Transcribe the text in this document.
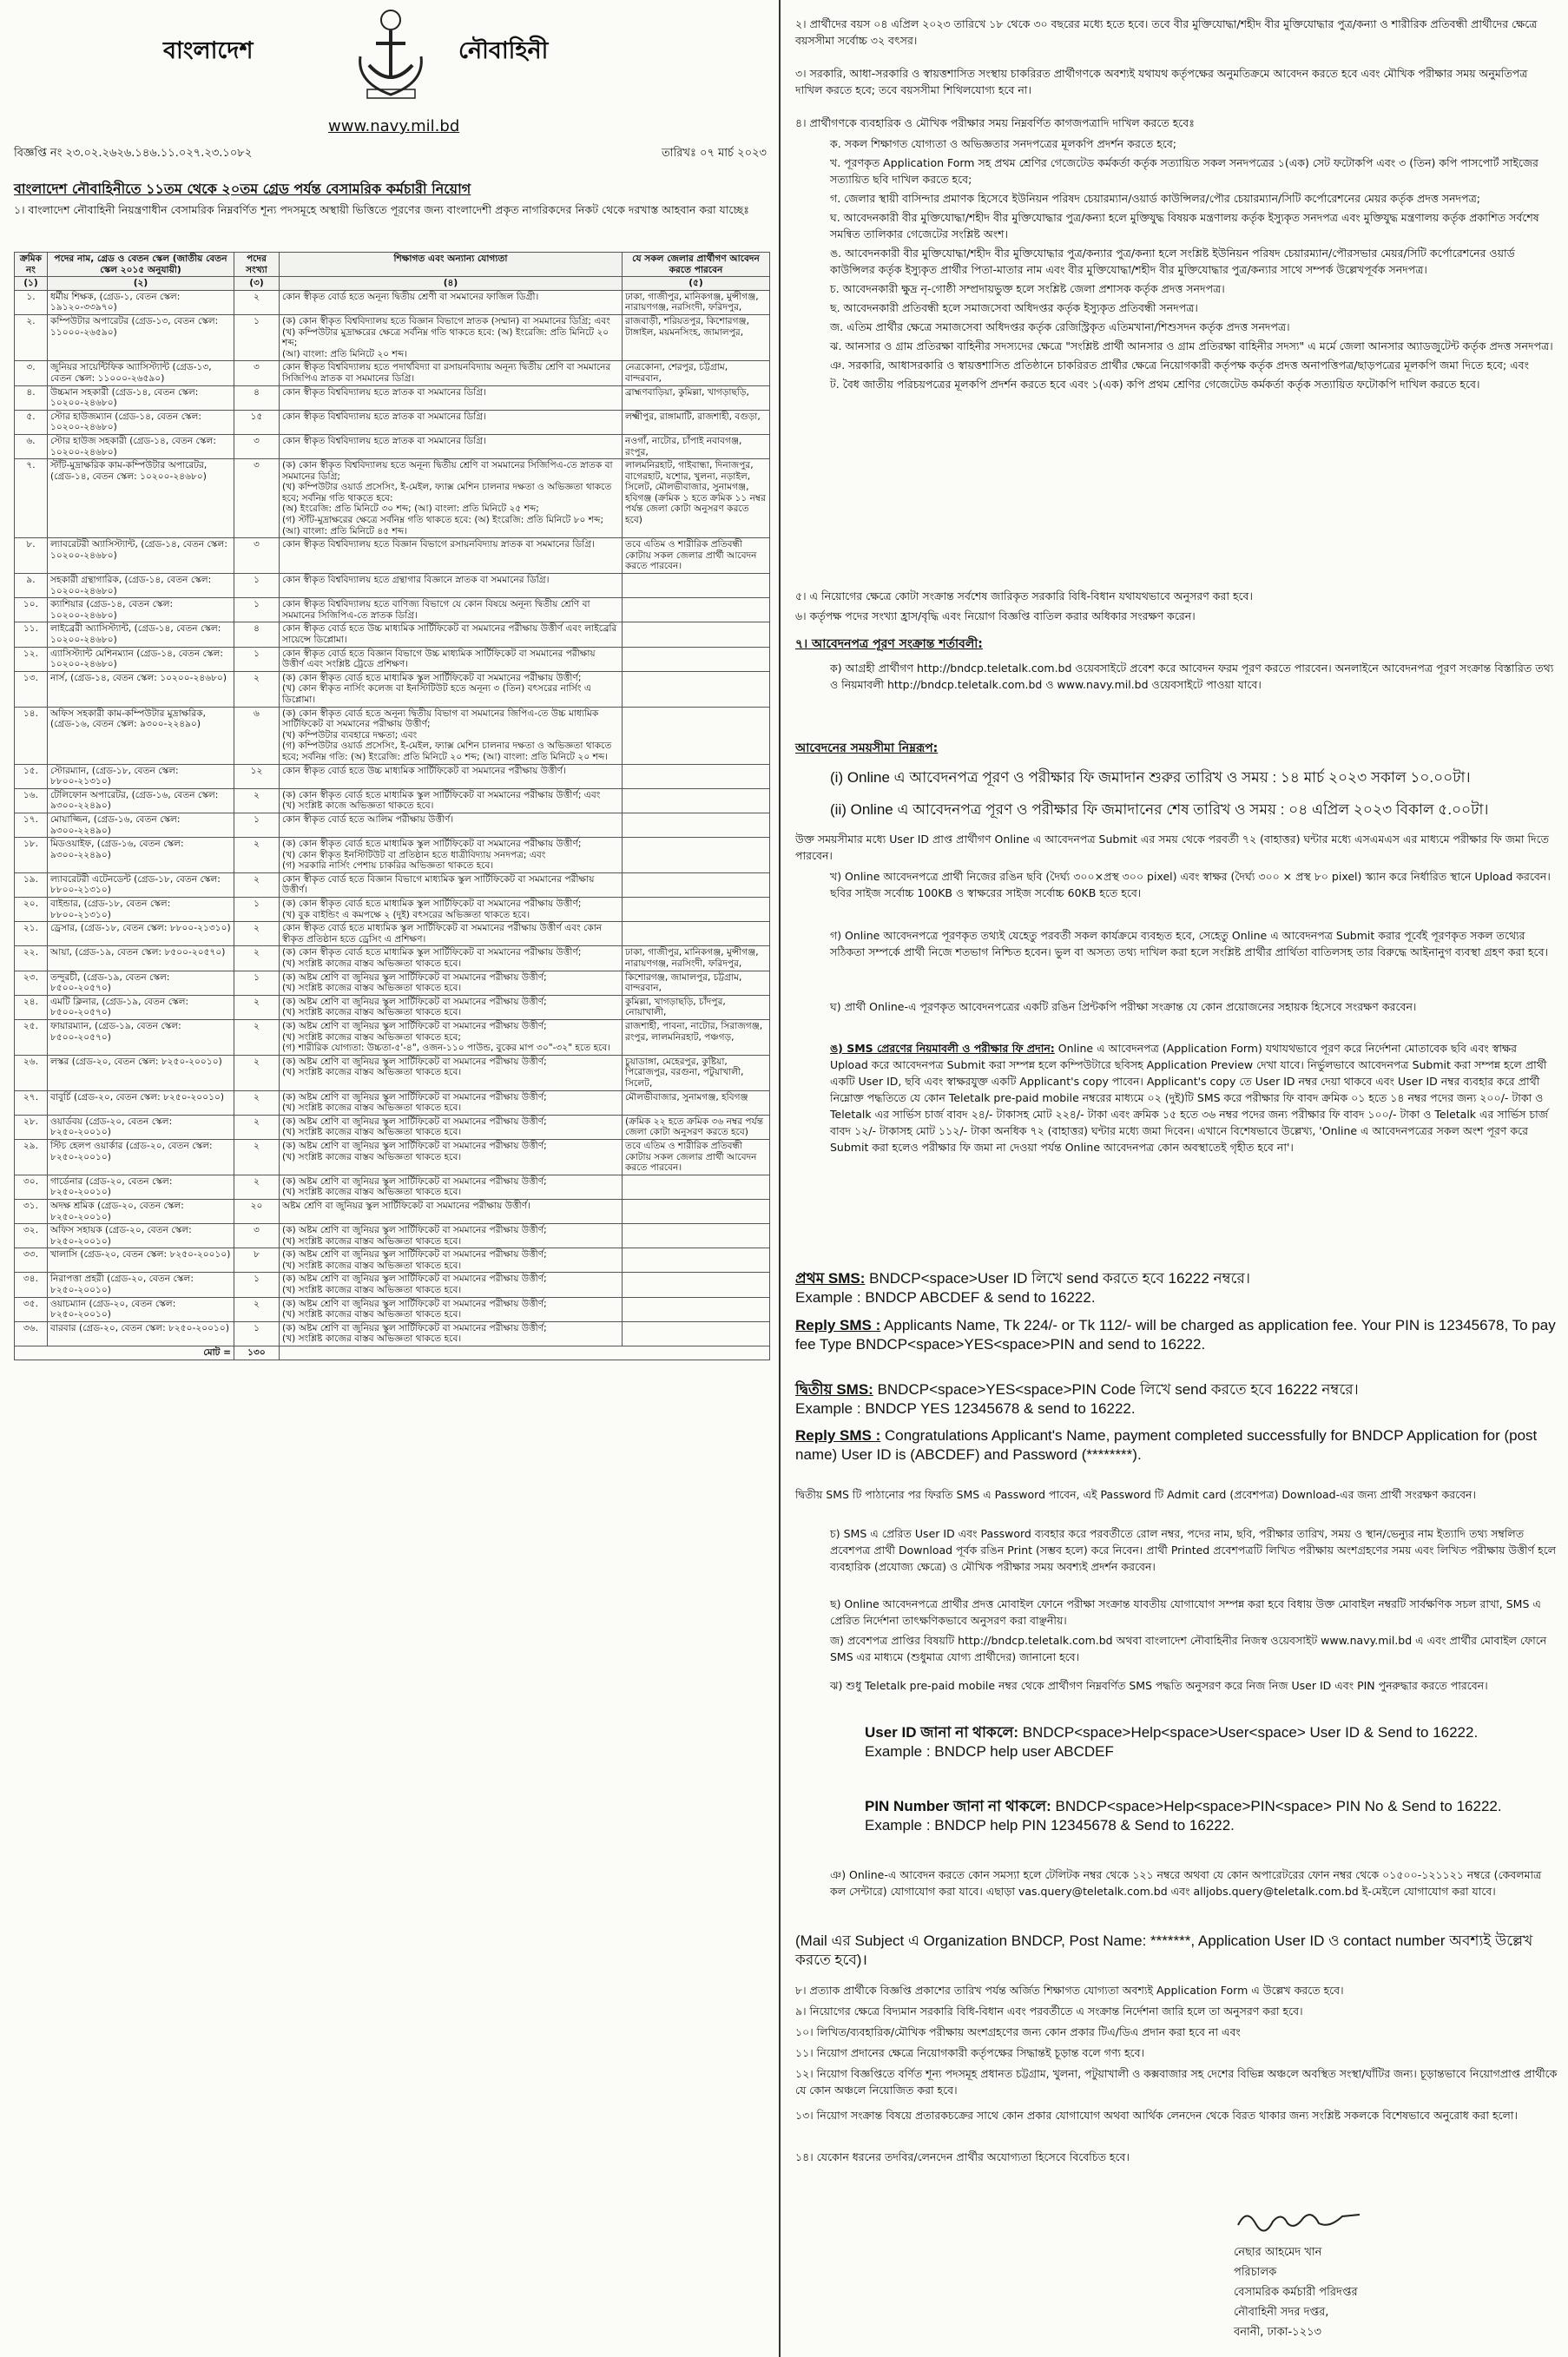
বাংলাদেশ	নৌবাহিনী
www.navy.mil.bd
বিজ্ঞপ্তি নং ২৩.০২.২৬২৬.১৪৬.১১.০২৭.২৩.১০৮২	তারিখঃ ০৭ মার্চ ২০২৩
বাংলাদেশ নৌবাহিনীতে ১১তম থেকে ২০তম গ্রেড পর্যন্ত বেসামরিক কর্মচারী নিয়োগ
১। বাংলাদেশ নৌবাহিনী নিয়ন্ত্রণাধীন বেসামরিক নিম্নবর্ণিত শূন্য পদসমূহে অস্থায়ী ভিত্তিতে পূরণের জন্য বাংলাদেশী প্রকৃত নাগরিকদের নিকট থেকে দরখাস্ত আহবান করা যাচ্ছেঃ
ক্রমিক নং	পদের নাম, গ্রেড ও বেতন স্কেল (জাতীয় বেতন স্কেল ২০১৫ অনুযায়ী)	পদের সংখ্যা	শিক্ষাগত এবং অন্যান্য যোগ্যতা	যে সকল জেলার প্রার্থীগণ আবেদন করতে পারবেন
(১)	(২)	(৩)	(৪)	(৫)
১.	ধর্মীয় শিক্ষক, (গ্রেড-১, বেতন স্কেল: ১৯১২০-৩৩৯৭০)	২	কোন স্বীকৃত বোর্ড হতে অনূন্য দ্বিতীয় শ্রেণী বা সমমানের ফাজিল ডিগ্রী।	ঢাকা, গাজীপুর, মানিকগঞ্জ, মুন্সীগঞ্জ, নারায়ণগঞ্জ, নরসিংদী, ফরিদপুর,
২.	কম্পিউটার অপারেটর (গ্রেড-১৩, বেতন স্কেল: ১১০০০-২৬৫৯০)	১	(ক) কোন স্বীকৃত বিশ্ববিদ্যালয় হতে বিজ্ঞান বিভাগে স্নাতক (সম্মান) বা সমমানের ডিগ্রি; এবং
(খ) কম্পিউটার মুদ্রাক্ষরের ক্ষেত্রে সর্বনিম্ন গতি থাকতে হবে: (অ) ইংরেজি: প্রতি মিনিটে ২০ শব্দ;
(আ) বাংলা: প্রতি মিনিটে ২০ শব্দ।	রাজবাড়ী, শরিয়তপুর, কিশোরগঞ্জ, টাঙ্গাইল, ময়মনসিংহ, জামালপুর,
৩.	জুনিয়র সায়েন্টিফিক অ্যাসিস্ট্যান্ট (গ্রেড-১৩, বেতন স্কেল: ১১০০০-২৬৫৯০)	৩	কোন স্বীকৃত বিশ্ববিদ্যালয় হতে পদার্থবিদ্যা বা রসায়নবিদ্যায় অনূন্য দ্বিতীয় শ্রেণি বা সমমানের সিজিপিএ স্নাতক বা সমমানের ডিগ্রি।	নেত্রকোনা, শেরপুর, চট্টগ্রাম, বান্দরবান,
৪.	উচ্চমান সহকারী (গ্রেড-১৪, বেতন স্কেল: ১০২০০-২৪৬৮০)	৪	কোন স্বীকৃত বিশ্ববিদ্যালয় হতে স্নাতক বা সমমানের ডিগ্রি।	ব্রাহ্মণবাড়িয়া, কুমিল্লা, খাগড়াছড়ি,
৫.	স্টোর হাউজম্যান (গ্রেড-১৪, বেতন স্কেল: ১০২০০-২৪৬৮০)	১৫	কোন স্বীকৃত বিশ্ববিদ্যালয় হতে স্নাতক বা সমমানের ডিগ্রি।	লক্ষ্মীপুর, রাঙ্গামাটি, রাজশাহী, বগুড়া,
৬.	স্টোর হাউজ সহকারী (গ্রেড-১৪, বেতন স্কেল: ১০২০০-২৪৬৮০)	৩	কোন স্বীকৃত বিশ্ববিদ্যালয় হতে স্নাতক বা সমমানের ডিগ্রি।	নওগাঁ, নাটোর, চাঁপাই নবাবগঞ্জ, রংপুর,
৭.	স্টাঁট-মুদ্রাক্ষরিক কাম-কম্পিউটার অপারেটর, (গ্রেড-১৪, বেতন স্কেল: ১০২০০-২৪৬৮০)	৩	(ক) কোন স্বীকৃত বিশ্ববিদ্যালয় হতে অনূন্য দ্বিতীয় শ্রেণি বা সমমানের সিজিপিএ-তে স্নাতক বা সমমানের ডিগ্রি;
(খ) কম্পিউটার ওয়ার্ড প্রসেসিং, ই-মেইল, ফ্যাক্স মেশিন চালনার দক্ষতা ও অভিজ্ঞতা থাকতে হবে; সর্বনিম্ন গতি থাকতে হবে:
(অ) ইংরেজি: প্রতি মিনিটে ৩০ শব্দ; (আ) বাংলা: প্রতি মিনিটে ২৫ শব্দ;
(গ) স্টাঁট-মুদ্রাক্ষরের ক্ষেত্রে সর্বনিম্ন গতি থাকতে হবে: (অ) ইংরেজি: প্রতি মিনিটে ৮০ শব্দ;
(আ) বাংলা: প্রতি মিনিটে ৪৫ শব্দ।	লালমনিরহাট, গাইবান্ধা, দিনাজপুর, বাগেরহাট, যশোর, খুলনা, নড়াইল, সিলেট, মৌলভীবাজার, সুনামগঞ্জ, হবিগঞ্জ (ক্রমিক ১ হতে ক্রমিক ১১ নম্বর পর্যন্ত জেলা কোটা অনুসরণ করতে হবে)
৮.	ল্যাবরেটরী অ্যাসিস্ট্যান্ট, (গ্রেড-১৪, বেতন স্কেল: ১০২০০-২৪৬৮০)	৩	কোন স্বীকৃত বিশ্ববিদ্যালয় হতে বিজ্ঞান বিভাগে রসায়নবিদ্যায় স্নাতক বা সমমানের ডিগ্রি।	তবে এতিম ও শারীরিক প্রতিবন্ধী কোটায় সকল জেলার প্রার্থী আবেদন করতে পারবেন।
৯.	সহকারী গ্রন্থাগারিক, (গ্রেড-১৪, বেতন স্কেল: ১০২০০-২৪৬৮০)	১	কোন স্বীকৃত বিশ্ববিদ্যালয় হতে গ্রন্থাগার বিজ্ঞানে স্নাতক বা সমমানের ডিগ্রি।	

১০.	ক্যাশিয়ার (গ্রেড-১৪, বেতন স্কেল: ১০২০০-২৪৬৮০)	১	কোন স্বীকৃত বিশ্ববিদ্যালয় হতে বাণিজ্য বিভাগে যে কোন বিষয়ে অনূন্য দ্বিতীয় শ্রেণি বা সমমানের সিজিপিএ-তে স্নাতক ডিগ্রি।	

১১.	লাইব্রেরী অ্যাসিস্ট্যান্ট, (গ্রেড-১৪, বেতন স্কেল: ১০২০০-২৪৬৮০)	৪	কোন স্বীকৃত বোর্ড হতে উচ্চ মাধ্যমিক সার্টিফিকেট বা সমমানের পরীক্ষায় উত্তীর্ণ এবং লাইব্রেরি সায়েন্সে ডিপ্লোমা।	

১২.	এ্যাসিস্ট্যান্ট মেশিনম্যান (গ্রেড-১৪, বেতন স্কেল: ১০২০০-২৪৬৮০)	১	কোন স্বীকৃত বোর্ড হতে বিজ্ঞান বিভাগে উচ্চ মাধ্যমিক সার্টিফিকেট বা সমমানের পরীক্ষায় উত্তীর্ণ এবং সংশ্লিষ্ট ট্রেডে প্রশিক্ষণ।	

১৩.	নার্স, (গ্রেড-১৪, বেতন স্কেল: ১০২০০-২৪৬৮০)	২	(ক) কোন স্বীকৃত বোর্ড হতে মাধ্যমিক স্কুল সার্টিফিকেট বা সমমানের পরীক্ষায় উত্তীর্ণ;
(খ) কোন স্বীকৃত নার্সিং কলেজ বা ইনস্টিটিউট হতে অনূন্য ৩ (তিন) বৎসরের নার্সিং এ ডিপ্লোমা।	

১৪.	অফিস সহকারী কাম-কম্পিউটার মুদ্রাক্ষরিক, (গ্রেড-১৬, বেতন স্কেল: ৯৩০০-২২৪৯০)	৬	(ক) কোন স্বীকৃত বোর্ড হতে অনূন্য দ্বিতীয় বিভাগ বা সমমানের জিপিএ-তে উচ্চ মাধ্যমিক সার্টিফিকেট বা সমমানের পরীক্ষায় উত্তীর্ণ;
(খ) কম্পিউটার ব্যবহারে দক্ষতা; এবং
(গ) কম্পিউটার ওয়ার্ড প্রসেসিং, ই-মেইল, ফ্যাক্স মেশিন চালনার দক্ষতা ও অভিজ্ঞতা থাকতে হবে; সর্বনিম্ন গতি: (অ) ইংরেজি: প্রতি মিনিটে ২০ শব্দ; (আ) বাংলা: প্রতি মিনিটে ২০ শব্দ।	

১৫.	স্টোরম্যান, (গ্রেড-১৮, বেতন স্কেল: ৮৮০০-২১৩১০)	১২	কোন স্বীকৃত বোর্ড হতে উচ্চ মাধ্যমিক সার্টিফিকেট বা সমমানের পরীক্ষায় উত্তীর্ণ।	

১৬.	টেলিফোন অপারেটর, (গ্রেড-১৬, বেতন স্কেল: ৯৩০০-২২৪৯০)	২	(ক) কোন স্বীকৃত বোর্ড হতে মাধ্যমিক স্কুল সার্টিফিকেট বা সমমানের পরীক্ষায় উত্তীর্ণ; এবং
(খ) সংশ্লিষ্ট কাজে অভিজ্ঞতা থাকতে হবে।	

১৭.	মোয়াজ্জিন, (গ্রেড-১৬, বেতন স্কেল: ৯৩০০-২২৪৯০)	১	কোন স্বীকৃত বোর্ড হতে আলিম পরীক্ষায় উত্তীর্ণ।	

১৮.	মিডওয়াইফ, (গ্রেড-১৬, বেতন স্কেল: ৯৩০০-২২৪৯০)	২	(ক) কোন স্বীকৃত বোর্ড হতে মাধ্যমিক স্কুল সার্টিফিকেট বা সমমানের পরীক্ষায় উত্তীর্ণ;
(খ) কোন স্বীকৃত ইনস্টিটিউট বা প্রতিষ্ঠান হতে ধাত্রীবিদ্যায় সনদপত্র; এবং
(গ) সরকারি নার্সিং পেশায় চাকরির অভিজ্ঞতা থাকতে হবে।	

১৯.	ল্যাবরেটরী এটেনডেন্ট (গ্রেড-১৮, বেতন স্কেল: ৮৮০০-২১৩১০)	২	কোন স্বীকৃত বোর্ড হতে বিজ্ঞান বিভাগে মাধ্যমিক স্কুল সার্টিফিকেট বা সমমানের পরীক্ষায় উত্তীর্ণ।	

২০.	বাইন্ডার, (গ্রেড-১৮, বেতন স্কেল: ৮৮০০-২১৩১০)	১	(ক) কোন স্বীকৃত বোর্ড হতে মাধ্যমিক স্কুল সার্টিফিকেট বা সমমানের পরীক্ষায় উত্তীর্ণ;
(খ) বুক বাইন্ডিং এ কমপক্ষে ২ (দুই) বৎসরের অভিজ্ঞতা থাকতে হবে।	

২১.	ড্রেসার, (গ্রেড-১৮, বেতন স্কেল: ৮৮০০-২১৩১০)	২	কোন স্বীকৃত বোর্ড হতে মাধ্যমিক স্কুল সার্টিফিকেট বা সমমানের পরীক্ষায় উত্তীর্ণ এবং কোন স্বীকৃত প্রতিষ্ঠান হতে ড্রেসিং এ প্রশিক্ষণ।	

২২.	আয়া, (গ্রেড-১৯, বেতন স্কেল: ৮৫০০-২০৫৭০)	২	(ক) কোন স্বীকৃত বোর্ড হতে মাধ্যমিক স্কুল সার্টিফিকেট বা সমমানের পরীক্ষায় উত্তীর্ণ;
(খ) সংশ্লিষ্ট কাজের বাস্তব অভিজ্ঞতা থাকতে হবে।	ঢাকা, গাজীপুর, মানিকগঞ্জ, মুন্সীগঞ্জ, নারায়ণগঞ্জ, নরসিংদী, ফরিদপুর,
২৩.	তন্দুরচী, (গ্রেড-১৯, বেতন স্কেল: ৮৫০০-২০৫৭০)	১	(ক) অষ্টম শ্রেণি বা জুনিয়র স্কুল সার্টিফিকেট বা সমমানের পরীক্ষায় উত্তীর্ণ;
(খ) সংশ্লিষ্ট কাজের বাস্তব অভিজ্ঞতা থাকতে হবে।	কিশোরগঞ্জ, জামালপুর, চট্টগ্রাম, বান্দরবান,
২৪.	এমটি ক্লিনার, (গ্রেড-১৯, বেতন স্কেল: ৮৫০০-২০৫৭০)	২	(ক) অষ্টম শ্রেণি বা জুনিয়র স্কুল সার্টিফিকেট বা সমমানের পরীক্ষায় উত্তীর্ণ;
(খ) সংশ্লিষ্ট কাজের বাস্তব অভিজ্ঞতা থাকতে হবে।	কুমিল্লা, খাগড়াছড়ি, চাঁদপুর, নোয়াখালী,
২৫.	ফায়ারম্যান, (গ্রেড-১৯, বেতন স্কেল: ৮৫০০-২০৫৭০)	২	(ক) অষ্টম শ্রেণি বা জুনিয়র স্কুল সার্টিফিকেট বা সমমানের পরীক্ষায় উত্তীর্ণ;
(খ) সংশ্লিষ্ট কাজের বাস্তব অভিজ্ঞতা থাকতে হবে;
(গ) শারীরিক যোগ্যতা: উচ্চতা-৫'-৪", ওজন-১১০ পাউন্ড, বুকের মাপ ৩০"-৩২" হতে হবে।	রাজশাহী, পাবনা, নাটোর, সিরাজগঞ্জ, রংপুর, লালমনিরহাট, পঞ্চগড়,
২৬.	লস্কর (গ্রেড-২০, বেতন স্কেল: ৮২৫০-২০০১০)	২	(ক) অষ্টম শ্রেণি বা জুনিয়র স্কুল সার্টিফিকেট বা সমমানের পরীক্ষায় উত্তীর্ণ;
(খ) সংশ্লিষ্ট কাজের বাস্তব অভিজ্ঞতা থাকতে হবে।	চুয়াডাঙ্গা, মেহেরপুর, কুষ্টিয়া, পিরোজপুর, বরগুনা, পটুয়াখালী, সিলেট,
২৭.	বাবুর্চি (গ্রেড-২০, বেতন স্কেল: ৮২৫০-২০০১০)	২	(ক) অষ্টম শ্রেণি বা জুনিয়র স্কুল সার্টিফিকেট বা সমমানের পরীক্ষায় উত্তীর্ণ;
(খ) সংশ্লিষ্ট কাজের বাস্তব অভিজ্ঞতা থাকতে হবে।	মৌলভীবাজার, সুনামগঞ্জ, হবিগঞ্জ
২৮.	ওয়ার্ডবয় (গ্রেড-২০, বেতন স্কেল: ৮২৫০-২০০১০)	২	(ক) অষ্টম শ্রেণি বা জুনিয়র স্কুল সার্টিফিকেট বা সমমানের পরীক্ষায় উত্তীর্ণ;
(খ) সংশ্লিষ্ট কাজের বাস্তব অভিজ্ঞতা থাকতে হবে।	(ক্রমিক ২২ হতে ক্রমিক ৩৬ নম্বর পর্যন্ত জেলা কোটা অনুসরণ করতে হবে)
২৯.	স্টিচ হেলপ ওয়ার্কার (গ্রেড-২০, বেতন স্কেল: ৮২৫০-২০০১০)	২	(ক) অষ্টম শ্রেণি বা জুনিয়র স্কুল সার্টিফিকেট বা সমমানের পরীক্ষায় উত্তীর্ণ;
(খ) সংশ্লিষ্ট কাজের বাস্তব অভিজ্ঞতা থাকতে হবে।	তবে এতিম ও শারীরিক প্রতিবন্ধী কোটায় সকল জেলার প্রার্থী আবেদন করতে পারবেন।
৩০.	গার্ডেনার (গ্রেড-২০, বেতন স্কেল: ৮২৫০-২০০১০)	২	(ক) অষ্টম শ্রেণি বা জুনিয়র স্কুল সার্টিফিকেট বা সমমানের পরীক্ষায় উত্তীর্ণ;
(খ) সংশ্লিষ্ট কাজের বাস্তব অভিজ্ঞতা থাকতে হবে।	

৩১.	অদক্ষ শ্রমিক (গ্রেড-২০, বেতন স্কেল: ৮২৫০-২০০১০)	২০	অষ্টম শ্রেণি বা জুনিয়র স্কুল সার্টিফিকেট বা সমমানের পরীক্ষায় উত্তীর্ণ।	

৩২.	অফিস সহায়ক (গ্রেড-২০, বেতন স্কেল: ৮২৫০-২০০১০)	৩	(ক) অষ্টম শ্রেণি বা জুনিয়র স্কুল সার্টিফিকেট বা সমমানের পরীক্ষায় উত্তীর্ণ;
(খ) সংশ্লিষ্ট কাজের বাস্তব অভিজ্ঞতা থাকতে হবে।	

৩৩.	খালাসি (গ্রেড-২০, বেতন স্কেল: ৮২৫০-২০০১০)	৮	(ক) অষ্টম শ্রেণি বা জুনিয়র স্কুল সার্টিফিকেট বা সমমানের পরীক্ষায় উত্তীর্ণ;
(খ) সংশ্লিষ্ট কাজের বাস্তব অভিজ্ঞতা থাকতে হবে।	

৩৪.	নিরাপত্তা প্রহরী (গ্রেড-২০, বেতন স্কেল: ৮২৫০-২০০১০)	১	(ক) অষ্টম শ্রেণি বা জুনিয়র স্কুল সার্টিফিকেট বা সমমানের পরীক্ষায় উত্তীর্ণ;
(খ) সংশ্লিষ্ট কাজের বাস্তব অভিজ্ঞতা থাকতে হবে।	

৩৫.	ওয়াচম্যান (গ্রেড-২০, বেতন স্কেল: ৮২৫০-২০০১০)	২	(ক) অষ্টম শ্রেণি বা জুনিয়র স্কুল সার্টিফিকেট বা সমমানের পরীক্ষায় উত্তীর্ণ;
(খ) সংশ্লিষ্ট কাজের বাস্তব অভিজ্ঞতা থাকতে হবে।	

৩৬.	বারবার (গ্রেড-২০, বেতন স্কেল: ৮২৫০-২০০১০)	১	(ক) অষ্টম শ্রেণি বা জুনিয়র স্কুল সার্টিফিকেট বা সমমানের পরীক্ষায় উত্তীর্ণ;
(খ) সংশ্লিষ্ট কাজের বাস্তব অভিজ্ঞতা থাকতে হবে।	

মোট =		১৩০		
২। প্রার্থীদের বয়স ০৪ এপ্রিল ২০২৩ তারিখে ১৮ থেকে ৩০ বছরের মধ্যে হতে হবে। তবে বীর মুক্তিযোদ্ধা/শহীদ বীর মুক্তিযোদ্ধার পুত্র/কন্যা ও শারীরিক প্রতিবন্ধী প্রার্থীদের ক্ষেত্রে বয়সসীমা সর্বোচ্চ ৩২ বৎসর।
৩। সরকারি, আধা-সরকারি ও স্বায়ত্তশাসিত সংস্থায় চাকরিরত প্রার্থীগণকে অবশ্যই যথাযথ কর্তৃপক্ষের অনুমতিক্রমে আবেদন করতে হবে এবং মৌখিক পরীক্ষার সময় অনুমতিপত্র দাখিল করতে হবে; তবে বয়সসীমা শিথিলযোগ্য হবে না।
৪। প্রার্থীগণকে ব্যবহারিক ও মৌখিক পরীক্ষার সময় নিম্নবর্ণিত কাগজপত্রাদি দাখিল করতে হবেঃ
ক. সকল শিক্ষাগত যোগ্যতা ও অভিজ্ঞতার সনদপত্রের মূলকপি প্রদর্শন করতে হবে;
খ. পূরণকৃত Application Form সহ প্রথম শ্রেণির গেজেটেড কর্মকর্তা কর্তৃক সত্যায়িত সকল সনদপত্রের ১(এক) সেট ফটোকপি এবং ৩ (তিন) কপি পাসপোর্ট সাইজের সত্যায়িত ছবি দাখিল করতে হবে;
গ. জেলার স্থায়ী বাসিন্দার প্রমাণক হিসেবে ইউনিয়ন পরিষদ চেয়ারম্যান/ওয়ার্ড কাউন্সিলর/পৌর চেয়ারম্যান/সিটি কর্পোরেশনের মেয়র কর্তৃক প্রদত্ত সনদপত্র;
ঘ. আবেদনকারী বীর মুক্তিযোদ্ধা/শহীদ বীর মুক্তিযোদ্ধার পুত্র/কন্যা হলে মুক্তিযুদ্ধ বিষয়ক মন্ত্রণালয় কর্তৃক ইস্যুকৃত সনদপত্র এবং মুক্তিযুদ্ধ মন্ত্রণালয় কর্তৃক প্রকাশিত সর্বশেষ সমন্বিত তালিকার গেজেটের সংশ্লিষ্ট অংশ।
ঙ. আবেদনকারী বীর মুক্তিযোদ্ধা/শহীদ বীর মুক্তিযোদ্ধার পুত্র/কন্যার পুত্র/কন্যা হলে সংশ্লিষ্ট ইউনিয়ন পরিষদ চেয়ারম্যান/পৌরসভার মেয়র/সিটি কর্পোরেশনের ওয়ার্ড কাউন্সিলর কর্তৃক ইস্যুকৃত প্রার্থীর পিতা-মাতার নাম এবং বীর মুক্তিযোদ্ধা/শহীদ বীর মুক্তিযোদ্ধার পুত্র/কন্যার সাথে সম্পর্ক উল্লেখপূর্বক সনদপত্র।
চ. আবেদনকারী ক্ষুদ্র নৃ-গোষ্ঠী সম্প্রদায়ভুক্ত হলে সংশ্লিষ্ট জেলা প্রশাসক কর্তৃক প্রদত্ত সনদপত্র।
ছ. আবেদনকারী প্রতিবন্ধী হলে সমাজসেবা অধিদপ্তর কর্তৃক ইস্যুকৃত প্রতিবন্ধী সনদপত্র।
জ. এতিম প্রার্থীর ক্ষেত্রে সমাজসেবা অধিদপ্তর কর্তৃক রেজিস্ট্রিকৃত এতিমখানা/শিশুসদন কর্তৃক প্রদত্ত সনদপত্র।
ঝ. আনসার ও গ্রাম প্রতিরক্ষা বাহিনীর সদস্যদের ক্ষেত্রে "সংশ্লিষ্ট প্রার্থী আনসার ও গ্রাম প্রতিরক্ষা বাহিনীর সদস্য" এ মর্মে জেলা আনসার অ্যাডজুটেন্ট কর্তৃক প্রদত্ত সনদপত্র।
ঞ. সরকারি, আধাসরকারি ও স্বায়ত্তশাসিত প্রতিষ্ঠানে চাকরিরত প্রার্থীর ক্ষেত্রে নিয়োগকারী কর্তৃপক্ষ কর্তৃক প্রদত্ত অনাপত্তিপত্র/ছাড়পত্রের মূলকপি জমা দিতে হবে; এবং
ট. বৈধ জাতীয় পরিচয়পত্রের মূলকপি প্রদর্শন করতে হবে এবং ১(এক) কপি প্রথম শ্রেণির গেজেটেড কর্মকর্তা কর্তৃক সত্যায়িত ফটোকপি দাখিল করতে হবে।
৫। এ নিয়োগের ক্ষেত্রে কোটা সংক্রান্ত সর্বশেষ জারিকৃত সরকারি বিধি-বিধান যথাযথভাবে অনুসরণ করা হবে।
৬। কর্তৃপক্ষ পদের সংখ্যা হ্রাস/বৃদ্ধি এবং নিয়োগ বিজ্ঞপ্তি বাতিল করার অধিকার সংরক্ষণ করেন।
৭। আবেদনপত্র পূরণ সংক্রান্ত শর্তাবলী:
ক) আগ্রহী প্রার্থীগণ http://bndcp.teletalk.com.bd ওয়েবসাইটে প্রবেশ করে আবেদন ফরম পূরণ করতে পারবেন। অনলাইনে আবেদনপত্র পূরণ সংক্রান্ত বিস্তারিত তথ্য ও নিয়মাবলী http://bndcp.teletalk.com.bd ও www.navy.mil.bd ওয়েবসাইটে পাওয়া যাবে।
আবেদনের সময়সীমা নিম্নরূপ:
(i) Online এ আবেদনপত্র পূরণ ও পরীক্ষার ফি জমাদান শুরুর তারিখ ও সময় : ১৪ মার্চ ২০২৩ সকাল ১০.০০টা।
(ii) Online এ আবেদনপত্র পূরণ ও পরীক্ষার ফি জমাদানের শেষ তারিখ ও সময় : ০৪ এপ্রিল ২০২৩ বিকাল ৫.০০টা।
উক্ত সময়সীমার মধ্যে User ID প্রাপ্ত প্রার্থীগণ Online এ আবেদনপত্র Submit এর সময় থেকে পরবর্তী ৭২ (বাহাত্তর) ঘন্টার মধ্যে এসএমএস এর মাধ্যমে পরীক্ষার ফি জমা দিতে পারবেন।
খ) Online আবেদনপত্রে প্রার্থী নিজের রঙিন ছবি (দৈর্ঘ্য ৩০০×প্রস্থ ৩০০ pixel) এবং স্বাক্ষর (দৈর্ঘ্য ৩০০ × প্রস্থ ৮০ pixel) স্ক্যান করে নির্ধারিত স্থানে Upload করবেন। ছবির সাইজ সর্বোচ্চ 100KB ও স্বাক্ষরের সাইজ সর্বোচ্চ 60KB হতে হবে।
গ) Online আবেদনপত্রে পূরণকৃত তথ্যই যেহেতু পরবর্তী সকল কার্যক্রমে ব্যবহৃত হবে, সেহেতু Online এ আবেদনপত্র Submit করার পূর্বেই পূরণকৃত সকল তথ্যের সঠিকতা সম্পর্কে প্রার্থী নিজে শতভাগ নিশ্চিত হবেন। ভুল বা অসত্য তথ্য দাখিল করা হলে সংশ্লিষ্ট প্রার্থীর প্রার্থিতা বাতিলসহ তার বিরুদ্ধে আইনানুগ ব্যবস্থা গ্রহণ করা হবে।
ঘ) প্রার্থী Online-এ পূরণকৃত আবেদনপত্রের একটি রঙিন প্রিন্টকপি পরীক্ষা সংক্রান্ত যে কোন প্রয়োজনের সহায়ক হিসেবে সংরক্ষণ করবেন।
ঙ) SMS প্রেরণের নিয়মাবলী ও পরীক্ষার ফি প্রদান: Online এ আবেদনপত্র (Application Form) যথাযথভাবে পূরণ করে নির্দেশনা মোতাবেক ছবি এবং স্বাক্ষর Upload করে আবেদনপত্র Submit করা সম্পন্ন হলে কম্পিউটারে ছবিসহ Application Preview দেখা যাবে। নির্ভুলভাবে আবেদনপত্র Submit করা সম্পন্ন হলে প্রার্থী একটি User ID, ছবি এবং স্বাক্ষরযুক্ত একটি Applicant's copy পাবেন। Applicant's copy তে User ID নম্বর দেয়া থাকবে এবং User ID নম্বর ব্যবহার করে প্রার্থী নিম্নোক্ত পদ্ধতিতে যে কোন Teletalk pre-paid mobile নম্বরের মাধ্যমে ০২ (দুই)টি SMS করে পরীক্ষার ফি বাবদ ক্রমিক ০১ হতে ১৪ নম্বর পদের জন্য ২০০/- টাকা ও Teletalk এর সার্ভিস চার্জ বাবদ ২৪/- টাকাসহ মোট ২২৪/- টাকা এবং ক্রমিক ১৫ হতে ৩৬ নম্বর পদের জন্য পরীক্ষার ফি বাবদ ১০০/- টাকা ও Teletalk এর সার্ভিস চার্জ বাবদ ১২/- টাকাসহ মোট ১১২/- টাকা অনধিক ৭২ (বাহাত্তর) ঘন্টার মধ্যে জমা দিবেন। এখানে বিশেষভাবে উল্লেখ্য, 'Online এ আবেদনপত্রের সকল অংশ পূরণ করে Submit করা হলেও পরীক্ষার ফি জমা না দেওয়া পর্যন্ত Online আবেদনপত্র কোন অবস্থাতেই গৃহীত হবে না'।
প্রথম SMS: BNDCP<space>User ID লিখে send করতে হবে 16222 নম্বরে।
Example : BNDCP ABCDEF & send to 16222.
Reply SMS : Applicants Name, Tk 224/- or Tk 112/- will be charged as application fee. Your PIN is 12345678, To pay fee Type BNDCP<space>YES<space>PIN and send to 16222.
দ্বিতীয় SMS: BNDCP<space>YES<space>PIN Code লিখে send করতে হবে 16222 নম্বরে।
Example : BNDCP YES 12345678 & send to 16222.
Reply SMS : Congratulations Applicant's Name, payment completed successfully for BNDCP Application for (post name) User ID is (ABCDEF) and Password (********).
দ্বিতীয় SMS টি পাঠানোর পর ফিরতি SMS এ Password পাবেন, এই Password টি Admit card (প্রবেশপত্র) Download-এর জন্য প্রার্থী সংরক্ষণ করবেন।
চ) SMS এ প্রেরিত User ID এবং Password ব্যবহার করে পরবর্তীতে রোল নম্বর, পদের নাম, ছবি, পরীক্ষার তারিখ, সময় ও স্থান/ভেন্যুর নাম ইত্যাদি তথ্য সম্বলিত প্রবেশপত্র প্রার্থী Download পূর্বক রঙিন Print (সম্ভব হলে) করে নিবেন। প্রার্থী Printed প্রবেশপত্রটি লিখিত পরীক্ষায় অংশগ্রহণের সময় এবং লিখিত পরীক্ষায় উত্তীর্ণ হলে ব্যবহারিক (প্রযোজ্য ক্ষেত্রে) ও মৌখিক পরীক্ষার সময় অবশ্যই প্রদর্শন করবেন।
ছ) Online আবেদনপত্রে প্রার্থীর প্রদত্ত মোবাইল ফোনে পরীক্ষা সংক্রান্ত যাবতীয় যোগাযোগ সম্পন্ন করা হবে বিধায় উক্ত মোবাইল নম্বরটি সার্বক্ষণিক সচল রাখা, SMS এ প্রেরিত নির্দেশনা তাৎক্ষণিকভাবে অনুসরণ করা বাঞ্ছনীয়।
জ) প্রবেশপত্র প্রাপ্তির বিষয়টি http://bndcp.teletalk.com.bd অথবা বাংলাদেশ নৌবাহিনীর নিজস্ব ওয়েবসাইট www.navy.mil.bd এ এবং প্রার্থীর মোবাইল ফোনে SMS এর মাধ্যমে (শুধুমাত্র যোগ্য প্রার্থীদের) জানানো হবে।
ঝ) শুধু Teletalk pre-paid mobile নম্বর থেকে প্রার্থীগণ নিম্নবর্ণিত SMS পদ্ধতি অনুসরণ করে নিজ নিজ User ID এবং PIN পুনরুদ্ধার করতে পারবেন।
User ID জানা না থাকলে: BNDCP<space>Help<space>User<space> User ID & Send to 16222.
Example : BNDCP help user ABCDEF
PIN Number জানা না থাকলে: BNDCP<space>Help<space>PIN<space> PIN No & Send to 16222.
Example : BNDCP help PIN 12345678 & Send to 16222.
ঞ) Online-এ আবেদন করতে কোন সমস্যা হলে টেলিটক নম্বর থেকে ১২১ নম্বরে অথবা যে কোন অপারেটরের ফোন নম্বর থেকে ০১৫০০-১২১১২১ নম্বরে (কেবলমাত্র কল সেন্টারে) যোগাযোগ করা যাবে। এছাড়া vas.query@teletalk.com.bd এবং alljobs.query@teletalk.com.bd ই-মেইলে যোগাযোগ করা যাবে।
(Mail এর Subject এ Organization BNDCP, Post Name: *******, Application User ID ও contact number অবশ্যই উল্লেখ করতে হবে)।
৮। প্রত্যাক প্রার্থীকে বিজ্ঞপ্তি প্রকাশের তারিখ পর্যন্ত অর্জিত শিক্ষাগত যোগ্যতা অবশ্যই Application Form এ উল্লেখ করতে হবে।
৯। নিয়োগের ক্ষেত্রে বিদ্যমান সরকারি বিধি-বিধান এবং পরবর্তীতে এ সংক্রান্ত নির্দেশনা জারি হলে তা অনুসরণ করা হবে।
১০। লিখিত/ব্যবহারিক/মৌখিক পরীক্ষায় অংশগ্রহণের জন্য কোন প্রকার টিএ/ডিএ প্রদান করা হবে না এবং
১১। নিয়োগ প্রদানের ক্ষেত্রে নিয়োগকারী কর্তৃপক্ষের সিদ্ধান্তই চূড়ান্ত বলে গণ্য হবে।
১২। নিয়োগ বিজ্ঞপ্তিতে বর্ণিত শূন্য পদসমূহ প্রধানত চট্টগ্রাম, খুলনা, পটুয়াখালী ও কক্সবাজার সহ দেশের বিভিন্ন অঞ্চলে অবস্থিত সংস্থা/ঘাঁটির জন্য। চূড়ান্তভাবে নিয়োগপ্রাপ্ত প্রার্থীকে যে কোন অঞ্চলে নিয়োজিত করা হবে।
১৩। নিয়োগ সংক্রান্ত বিষয়ে প্রতারকচক্রের সাথে কোন প্রকার যোগাযোগ অথবা আর্থিক লেনদেন থেকে বিরত থাকার জন্য সংশ্লিষ্ট সকলকে বিশেষভাবে অনুরোধ করা হলো।
১৪। যেকোন ধরনের তদবির/লেনদেন প্রার্থীর অযোগ্যতা হিসেবে বিবেচিত হবে।
নেছার আহমেদ খান
পরিচালক
বেসামরিক কর্মচারী পরিদপ্তর
নৌবাহিনী সদর দপ্তর,
বনানী, ঢাকা-১২১৩
